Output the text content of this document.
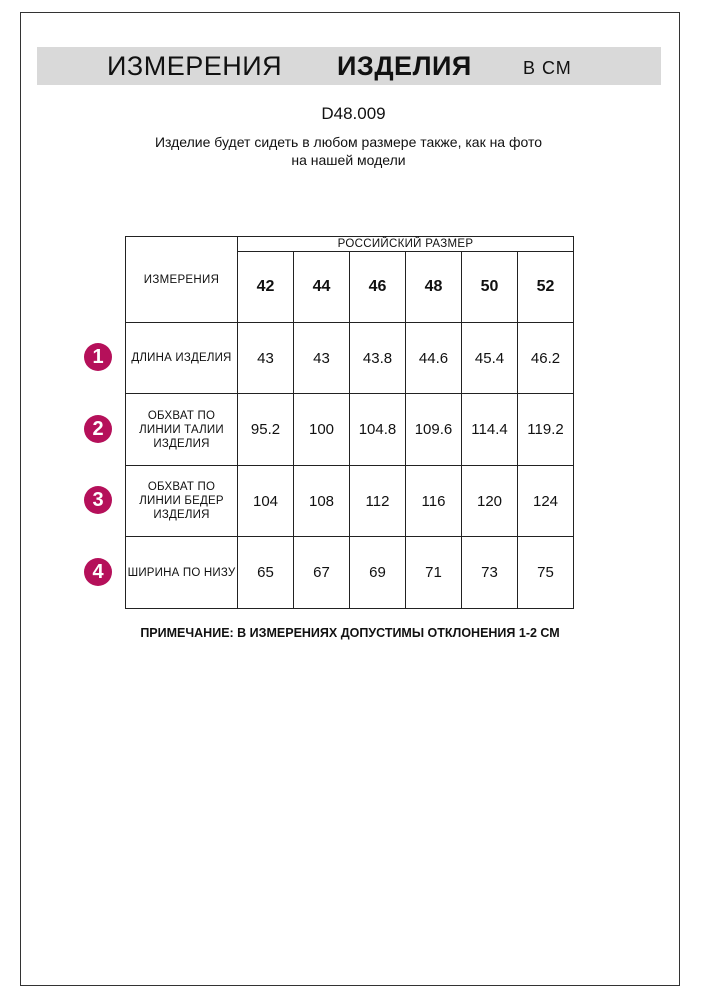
ИЗМЕРЕНИЯ ИЗДЕЛИЯ	В СМ
D48.009
Изделие будет сидеть в любом размере также, как на фото
на нашей модели
ИЗМЕРЕНИЯ	РОССИЙСКИЙ РАЗМЕР					
	42	44	46	48	50	52
ДЛИНА ИЗДЕЛИЯ	43	43	43.8	44.6	45.4	46.2
ОБХВАТ ПО ЛИНИИ ТАЛИИ ИЗДЕЛИЯ	95.2	100	104.8	109.6	114.4	119.2
ОБХВАТ ПО ЛИНИИ БЕДЕР ИЗДЕЛИЯ	104	108	112	116	120	124
ШИРИНА ПО НИЗУ	65	67	69	71	73	75
1
2
3
4
ПРИМЕЧАНИЕ: В ИЗМЕРЕНИЯХ ДОПУСТИМЫ ОТКЛОНЕНИЯ 1-2 СМ
